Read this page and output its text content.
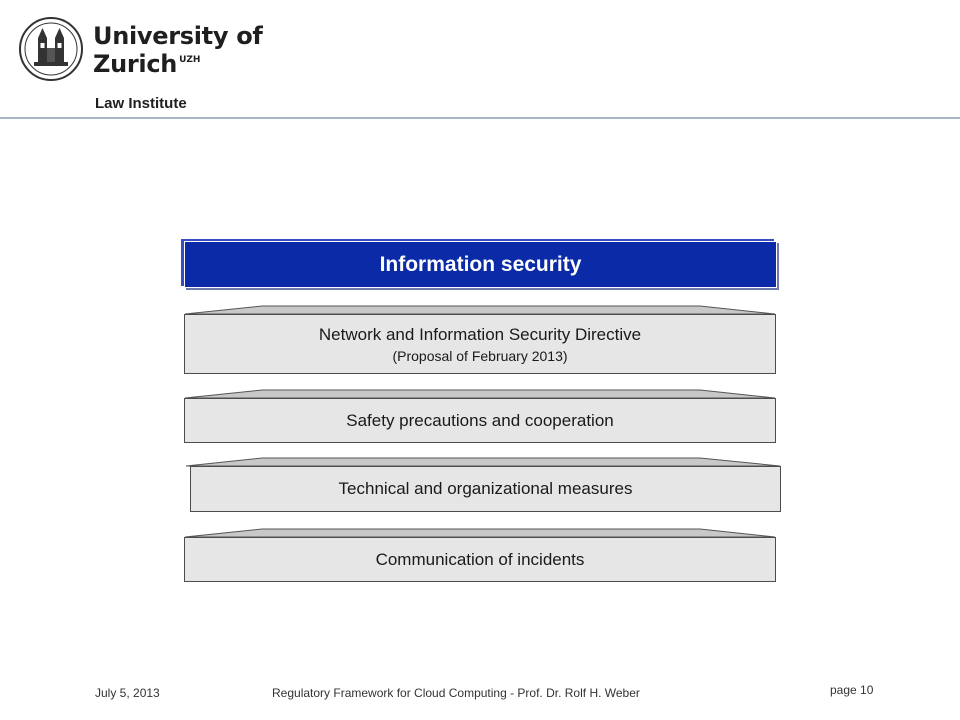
University of
Zurich $^{UZH}$
Law Institute
Information security
Network and Information Security Directive
(Proposal of February 2013)
Safety precautions and cooperation
Technical and organizational measures
Communication of incidents
July 5, 2013	Regulatory Framework for Cloud Computing - Prof. Dr. Rolf H. Weber	page 10
